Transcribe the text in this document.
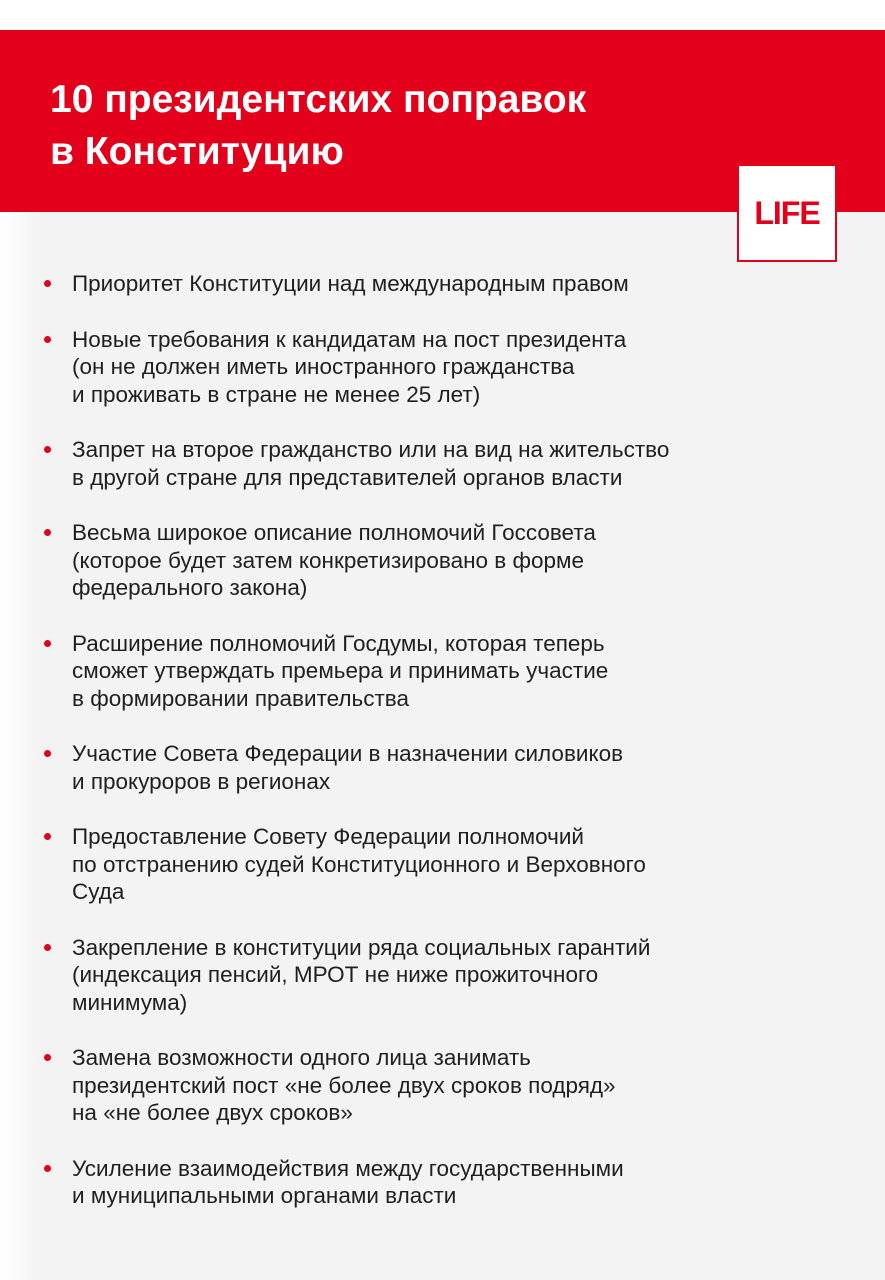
10 президентских поправок
в Конституцию
LIFE
Приоритет Конституции над международным правом
Новые требования к кандидатам на пост президента
(он не должен иметь иностранного гражданства
и проживать в стране не менее 25 лет)
Запрет на второе гражданство или на вид на жительство
в другой стране для представителей органов власти
Весьма широкое описание полномочий Госсовета
(которое будет затем конкретизировано в форме
федерального закона)
Расширение полномочий Госдумы, которая теперь
сможет утверждать премьера и принимать участие
в формировании правительства
Участие Совета Федерации в назначении силовиков
и прокуроров в регионах
Предоставление Совету Федерации полномочий
по отстранению судей Конституционного и Верховного
Суда
Закрепление в конституции ряда социальных гарантий
(индексация пенсий, МРОТ не ниже прожиточного
минимума)
Замена возможности одного лица занимать
президентский пост «не более двух сроков подряд»
на «не более двух сроков»
Усиление взаимодействия между государственными
и муниципальными органами власти
